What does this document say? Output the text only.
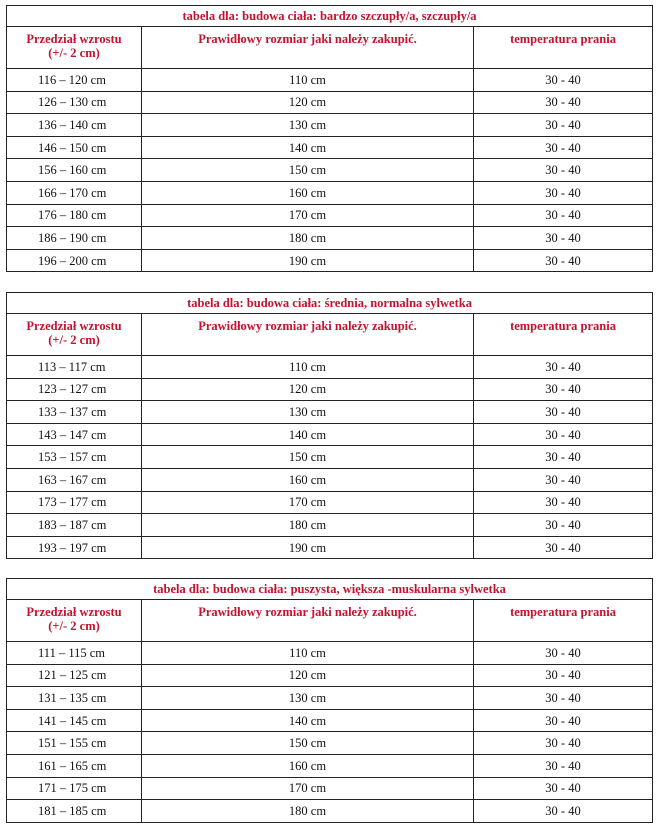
tabela dla: budowa ciała: bardzo szczupły/a, szczupły/a		
Przedział wzrostu
(+/- 2 cm)	Prawidłowy rozmiar jaki należy zakupić.	temperatura prania
116 – 120 cm	110 cm	30 - 40
126 – 130 cm	120 cm	30 - 40
136 – 140 cm	130 cm	30 - 40
146 – 150 cm	140 cm	30 - 40
156 – 160 cm	150 cm	30 - 40
166 – 170 cm	160 cm	30 - 40
176 – 180 cm	170 cm	30 - 40
186 – 190 cm	180 cm	30 - 40
196 – 200 cm	190 cm	30 - 40
tabela dla: budowa ciała: średnia, normalna sylwetka		
Przedział wzrostu
(+/- 2 cm)	Prawidłowy rozmiar jaki należy zakupić.	temperatura prania
113 – 117 cm	110 cm	30 - 40
123 – 127 cm	120 cm	30 - 40
133 – 137 cm	130 cm	30 - 40
143 – 147 cm	140 cm	30 - 40
153 – 157 cm	150 cm	30 - 40
163 – 167 cm	160 cm	30 - 40
173 – 177 cm	170 cm	30 - 40
183 – 187 cm	180 cm	30 - 40
193 – 197 cm	190 cm	30 - 40
tabela dla: budowa ciała: puszysta, większa -muskularna sylwetka		
Przedział wzrostu
(+/- 2 cm)	Prawidłowy rozmiar jaki należy zakupić.	temperatura prania
111 – 115 cm	110 cm	30 - 40
121 – 125 cm	120 cm	30 - 40
131 – 135 cm	130 cm	30 - 40
141 – 145 cm	140 cm	30 - 40
151 – 155 cm	150 cm	30 - 40
161 – 165 cm	160 cm	30 - 40
171 – 175 cm	170 cm	30 - 40
181 – 185 cm	180 cm	30 - 40
